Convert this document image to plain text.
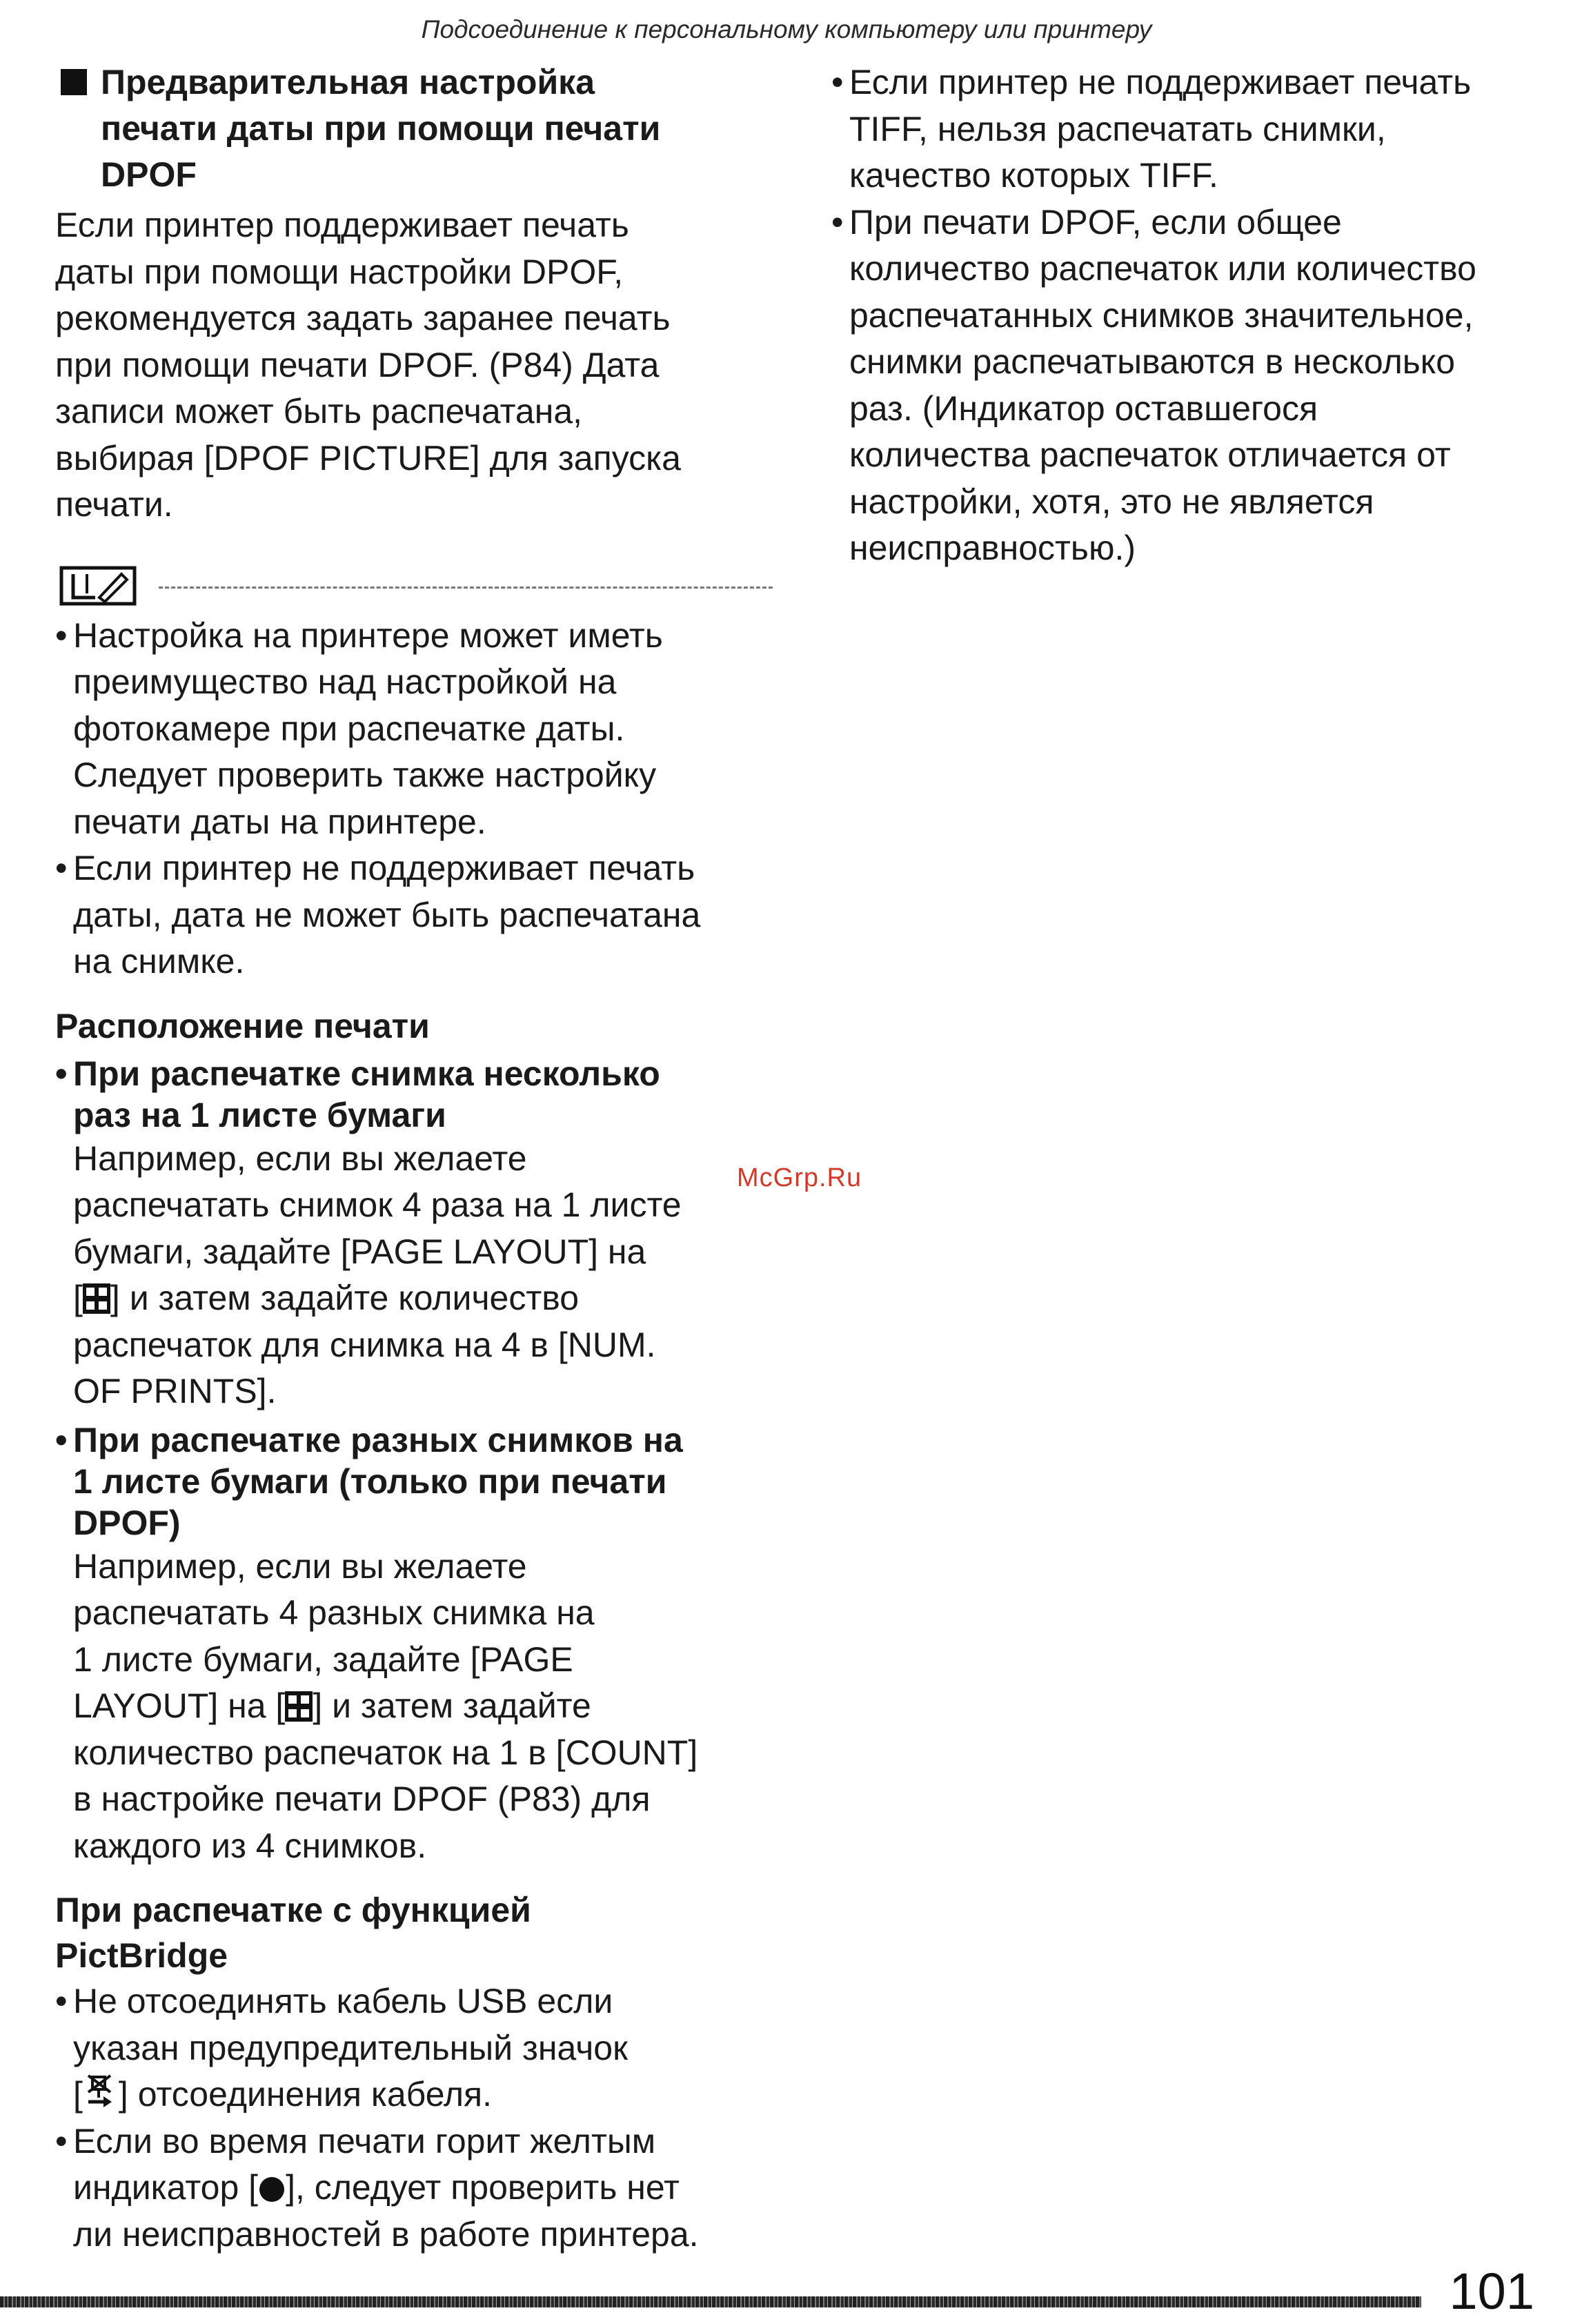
Подсоединение к персональному компьютеру или принтеру
Предварительная настройка
печати даты при помощи печати
DPOF
Если принтер поддерживает печать
даты при помощи настройки DPOF,
рекомендуется задать заранее печать
при помощи печати DPOF. (P84) Дата
записи может быть распечатана,
выбирая [DPOF PICTURE] для запуска
печати.
• Настройка на принтере может иметь
преимущество над настройкой на
фотокамере при распечатке даты.
Следует проверить также настройку
печати даты на принтере.
• Если принтер не поддерживает печать
даты, дата не может быть распечатана
на снимке.
Расположение печати
• При распечатке снимка несколько
раз на 1 листе бумаги
Например, если вы желаете
распечатать снимок 4 раза на 1 листе
бумаги, задайте [PAGE LAYOUT] на
[ ] и затем задайте количество
распечаток для снимка на 4 в [NUM.
OF PRINTS].
• При распечатке разных снимков на
1 листе бумаги (только при печати
DPOF)
Например, если вы желаете
распечатать 4 разных снимка на
1 листе бумаги, задайте [PAGE
LAYOUT] на [ ] и затем задайте
количество распечаток на 1 в [COUNT]
в настройке печати DPOF (P83) для
каждого из 4 снимков.
При распечатке с функцией
PictBridge
• Не отсоединять кабель USB если
указан предупредительный значок
[ ] отсоединения кабеля.
• Если во время печати горит желтым
индикатор [ ], следует проверить нет
ли неисправностей в работе принтера.
• Если принтер не поддерживает печать
TIFF, нельзя распечатать снимки,
качество которых TIFF.
• При печати DPOF, если общее
количество распечаток или количество
распечатанных снимков значительное,
снимки распечатываются в несколько
раз. (Индикатор оставшегося
количества распечаток отличается от
настройки, хотя, это не является
неисправностью.)
McGrp.Ru
101
